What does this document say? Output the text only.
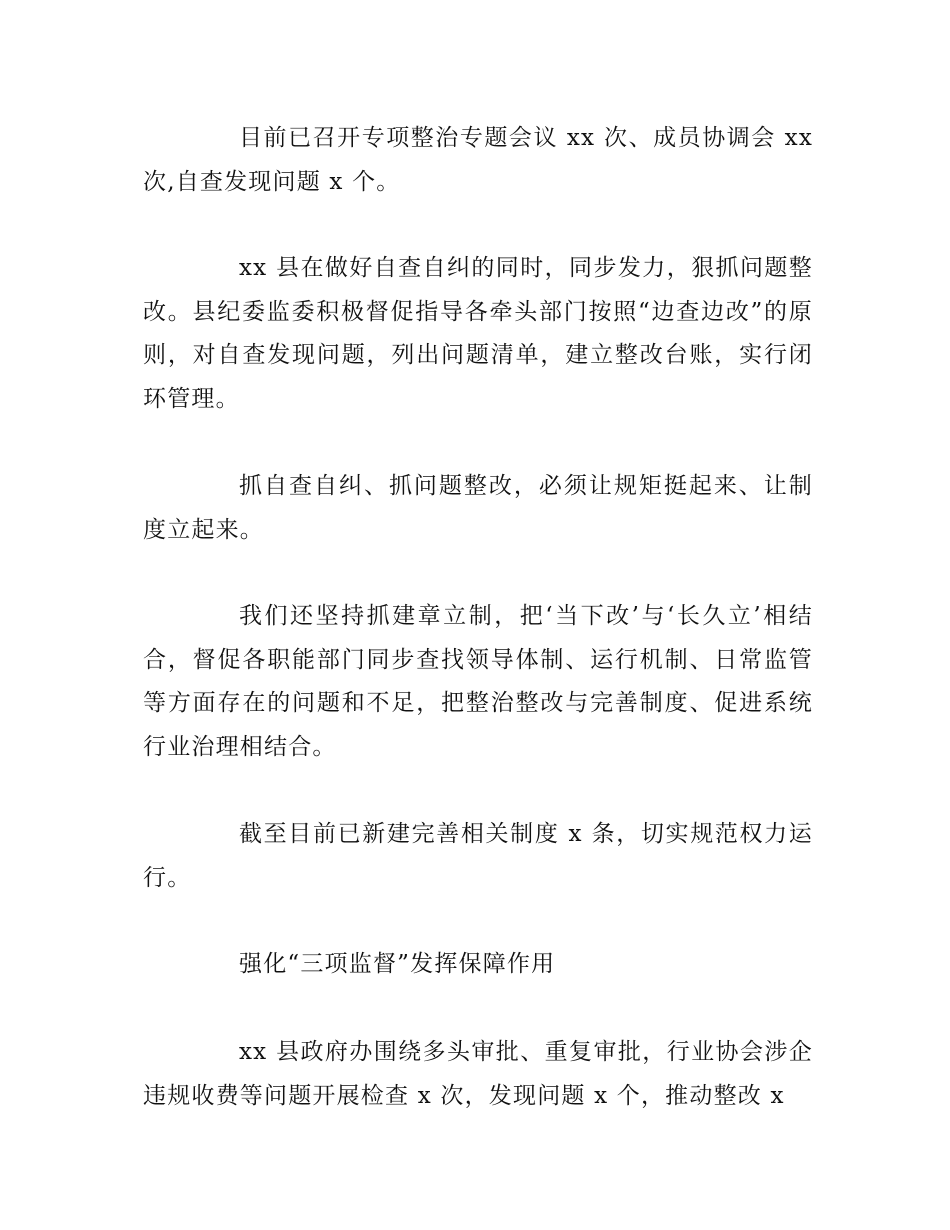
目前已召开专项整治专题会议 xx 次、成员协调会 xx 次,自查发现问题 x 个。

xx 县在做好自查自纠的同时，同步发力，狠抓问题整改。县纪委监委积极督促指导各牵头部门按照“边查边改”的原则，对自查发现问题，列出问题清单，建立整改台账，实行闭环管理。

抓自查自纠、抓问题整改，必须让规矩挺起来、让制度立起来。

我们还坚持抓建章立制，把‘当下改’与‘长久立’相结合，督促各职能部门同步查找领导体制、运行机制、日常监管等方面存在的问题和不足，把整治整改与完善制度、促进系统行业治理相结合。

截至目前已新建完善相关制度 x 条，切实规范权力运行。

强化“三项监督”发挥保障作用

xx 县政府办围绕多头审批、重复审批，行业协会涉企违规收费等问题开展检查 x 次，发现问题 x 个，推动整改 x
